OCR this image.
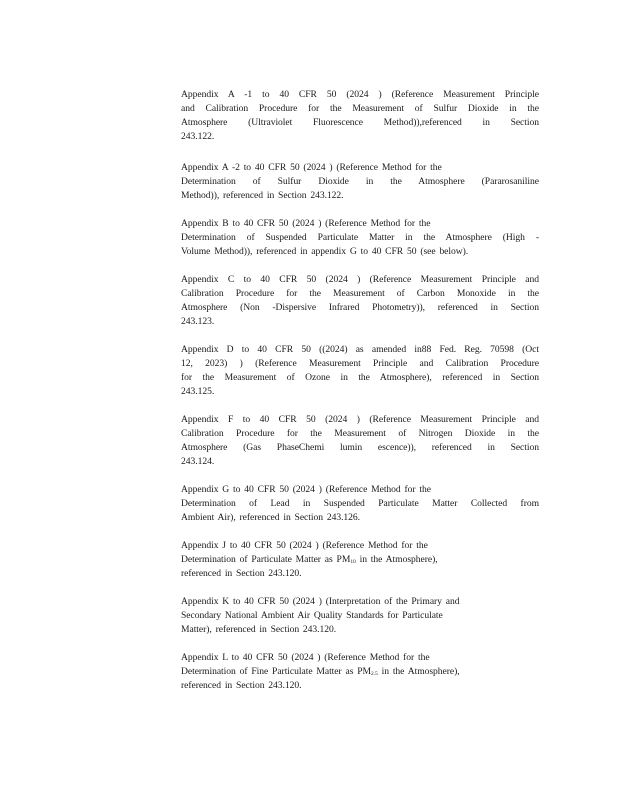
Appendix A -1 to 40 CFR 50 (2024 ) (Reference Measurement Principle
and Calibration Procedure for the Measurement of Sulfur Dioxide in the
Atmosphere (Ultraviolet Fluorescence Method)),referenced in Section
243.122.
Appendix A -2 to 40 CFR 50 (2024 ) (Reference Method for the
Determination of Sulfur Dioxide in the Atmosphere (Pararosaniline
Method)), referenced in Section 243.122.
Appendix B to 40 CFR 50 (2024 ) (Reference Method for the
Determination of Suspended Particulate Matter in the Atmosphere (High -
Volume Method)), referenced in appendix G to 40 CFR 50 (see below).
Appendix C to 40 CFR 50 (2024 ) (Reference Measurement Principle and
Calibration Procedure for the Measurement of Carbon Monoxide in the
Atmosphere (Non -Dispersive Infrared Photometry)), referenced in Section
243.123.
Appendix D to 40 CFR 50 ((2024) as amended in88 Fed. Reg. 70598 (Oct
12, 2023) ) (Reference Measurement Principle and Calibration Procedure
for the Measurement of Ozone in the Atmosphere), referenced in Section
243.125.
Appendix F to 40 CFR 50 (2024 ) (Reference Measurement Principle and
Calibration Procedure for the Measurement of Nitrogen Dioxide in the
Atmosphere (Gas PhaseChemi lumin escence)), referenced in Section
243.124.
Appendix G to 40 CFR 50 (2024 ) (Reference Method for the
Determination of Lead in Suspended Particulate Matter Collected from
Ambient Air), referenced in Section 243.126.
Appendix J to 40 CFR 50 (2024 ) (Reference Method for the
Determination of Particulate Matter as $PM_{10}$ in the Atmosphere),
referenced in Section 243.120.
Appendix K to 40 CFR 50 (2024 ) (Interpretation of the Primary and
Secondary National Ambient Air Quality Standards for Particulate
Matter), referenced in Section 243.120.
Appendix L to 40 CFR 50 (2024 ) (Reference Method for the
Determination of Fine Particulate Matter as $PM_{2.5}$ in the Atmosphere),
referenced in Section 243.120.
